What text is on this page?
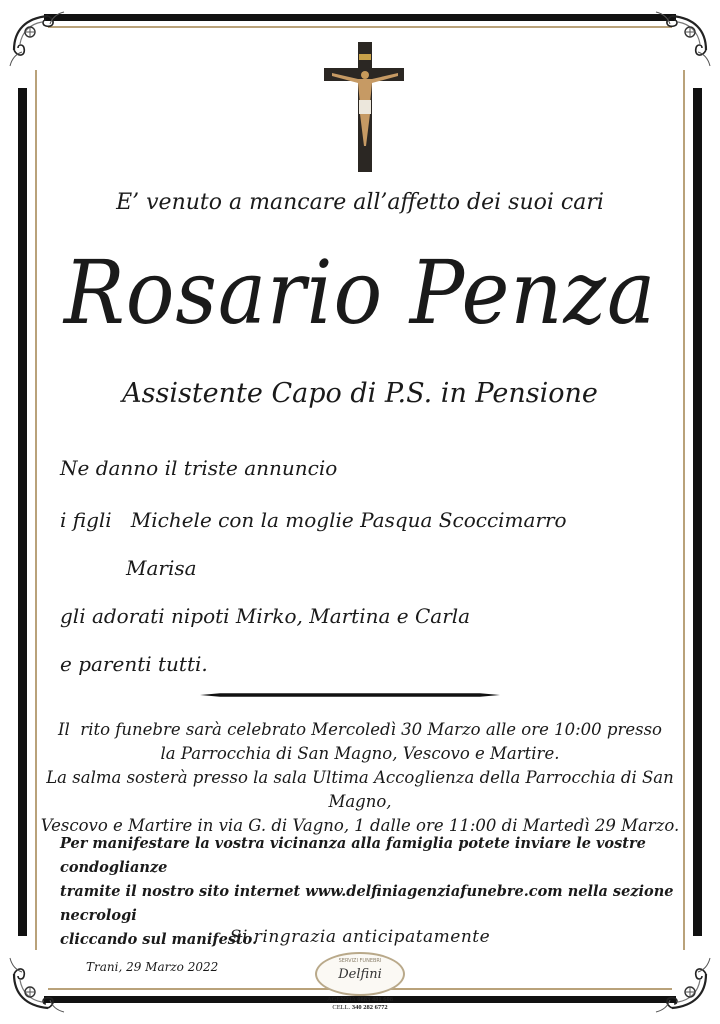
E’ venuto a mancare all’affetto dei suoi cari
Rosario Penza
Assistente Capo di P.S. in Pensione
Ne danno il triste annuncio
i figli   Michele con la moglie Pasqua Scoccimarro
Marisa
gli adorati nipoti Mirko, Martina e Carla
e parenti tutti.
Il  rito funebre sarà celebrato Mercoledì 30 Marzo alle ore 10:00 presso
la Parrocchia di San Magno, Vescovo e Martire.
La salma sosterà presso la sala Ultima Accoglienza della Parrocchia di San Magno,
Vescovo e Martire in via G. di Vagno, 1 dalle ore 11:00 di Martedì 29 Marzo.
Per manifestare la vostra vicinanza alla famiglia potete inviare le vostre condoglianze
tramite il nostro sito internet www.delfiniagenziafunebre.com nella sezione necrologi
cliccando sul manifesto.
Si ringrazia anticipatamente
Trani, 29 Marzo 2022	SERVIZI FUNEBRI
Delfini
AGENZIA 0883 481 608
CELL. 340 282 6772
